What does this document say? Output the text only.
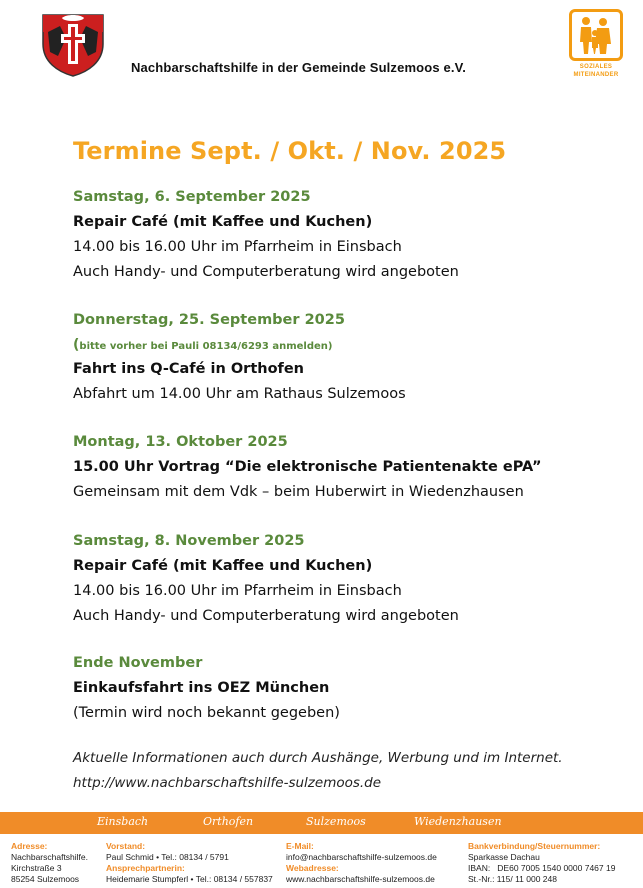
Nachbarschaftshilfe in der Gemeinde Sulzemoos e.V.	SOZIALES
MITEINANDER
Termine Sept. / Okt. / Nov. 2025
Samstag, 6. September 2025
Repair Café (mit Kaffee und Kuchen)
14.00 bis 16.00 Uhr im Pfarrheim in Einsbach
Auch Handy- und Computerberatung wird angeboten
Donnerstag, 25. September 2025
(bitte vorher bei Pauli 08134/6293 anmelden)
Fahrt ins Q-Café in Orthofen
Abfahrt um 14.00 Uhr am Rathaus Sulzemoos
Montag, 13. Oktober 2025
15.00 Uhr Vortrag “Die elektronische Patientenakte ePA”
Gemeinsam mit dem Vdk – beim Huberwirt in Wiedenzhausen
Samstag, 8. November 2025
Repair Café (mit Kaffee und Kuchen)
14.00 bis 16.00 Uhr im Pfarrheim in Einsbach
Auch Handy- und Computerberatung wird angeboten
Ende November
Einkaufsfahrt ins OEZ München
(Termin wird noch bekannt gegeben)
Aktuelle Informationen auch durch Aushänge, Werbung und im Internet.
http://www.nachbarschaftshilfe-sulzemoos.de
Einsbach	Orthofen	Sulzemoos	Wiedenzhausen
Adresse:
Nachbarschaftshilfe.
Kirchstraße 3
85254 Sulzemoos
Vorstand:
Paul Schmid • Tel.: 08134 / 5791
Ansprechpartnerin:
Heidemarie Stumpferl • Tel.: 08134 / 557837
E-Mail:
info@nachbarschaftshilfe-sulzemoos.de
Webadresse:
www.nachbarschaftshilfe-sulzemoos.de
Bankverbindung/Steuernummer:
Sparkasse Dachau
IBAN:   DE60 7005 1540 0000 7467 19
St.-Nr.: 115/ 11 000 248
